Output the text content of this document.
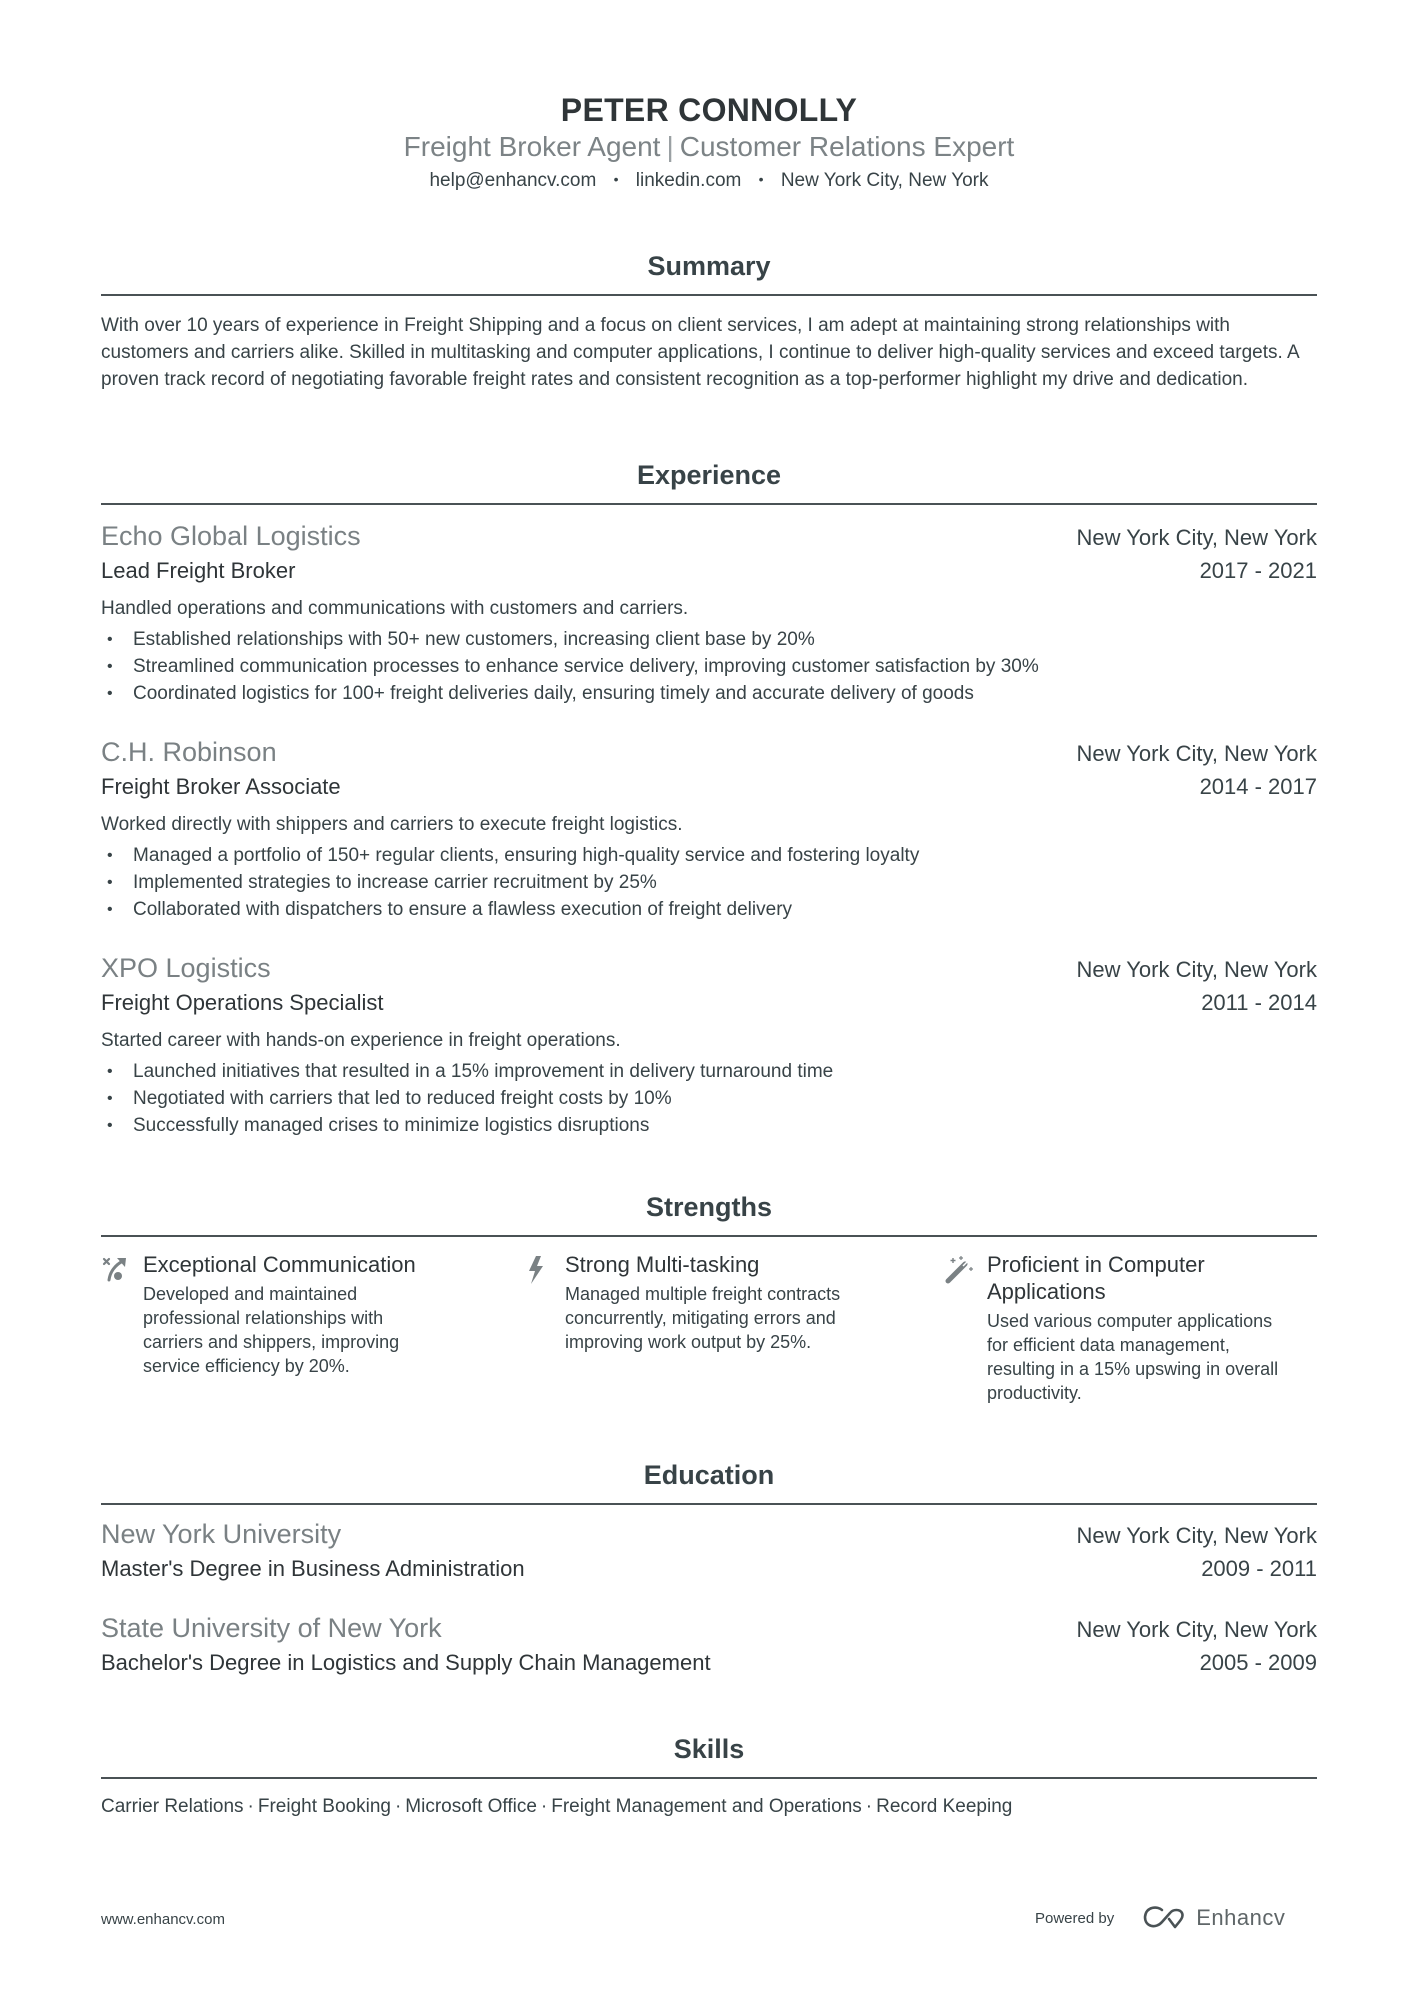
PETER CONNOLLY
Freight Broker Agent | Customer Relations Expert
help@enhancv.com • linkedin.com • New York City, New York
Summary

With over 10 years of experience in Freight Shipping and a focus on client services, I am adept at maintaining strong relationships with customers and carriers alike. Skilled in multitasking and computer applications, I continue to deliver high-quality services and exceed targets. A proven track record of negotiating favorable freight rates and consistent recognition as a top-performer highlight my drive and dedication.

Experience
Echo Global Logistics	New York City, New York
Lead Freight Broker	2017 - 2021

Handled operations and communications with customers and carriers.

• Established relationships with 50+ new customers, increasing client base by 20%
• Streamlined communication processes to enhance service delivery, improving customer satisfaction by 30%
• Coordinated logistics for 100+ freight deliveries daily, ensuring timely and accurate delivery of goods
C.H. Robinson	New York City, New York
Freight Broker Associate	2014 - 2017

Worked directly with shippers and carriers to execute freight logistics.

• Managed a portfolio of 150+ regular clients, ensuring high-quality service and fostering loyalty
• Implemented strategies to increase carrier recruitment by 25%
• Collaborated with dispatchers to ensure a flawless execution of freight delivery
XPO Logistics	New York City, New York
Freight Operations Specialist	2011 - 2014

Started career with hands-on experience in freight operations.

• Launched initiatives that resulted in a 15% improvement in delivery turnaround time
• Negotiated with carriers that led to reduced freight costs by 10%
• Successfully managed crises to minimize logistics disruptions
Strengths
Exceptional Communication
Developed and maintained professional relationships with carriers and shippers, improving service efficiency by 20%.
Strong Multi-tasking
Managed multiple freight contracts concurrently, mitigating errors and improving work output by 25%.
Proficient in Computer Applications
Used various computer applications for efficient data management, resulting in a 15% upswing in overall productivity.
Education
New York University	New York City, New York
Master's Degree in Business Administration	2009 - 2011
State University of New York	New York City, New York
Bachelor's Degree in Logistics and Supply Chain Management	2005 - 2009
Skills
Carrier Relations · Freight Booking · Microsoft Office · Freight Management and Operations · Record Keeping
www.enhancv.com	Powered by	Enhancv
